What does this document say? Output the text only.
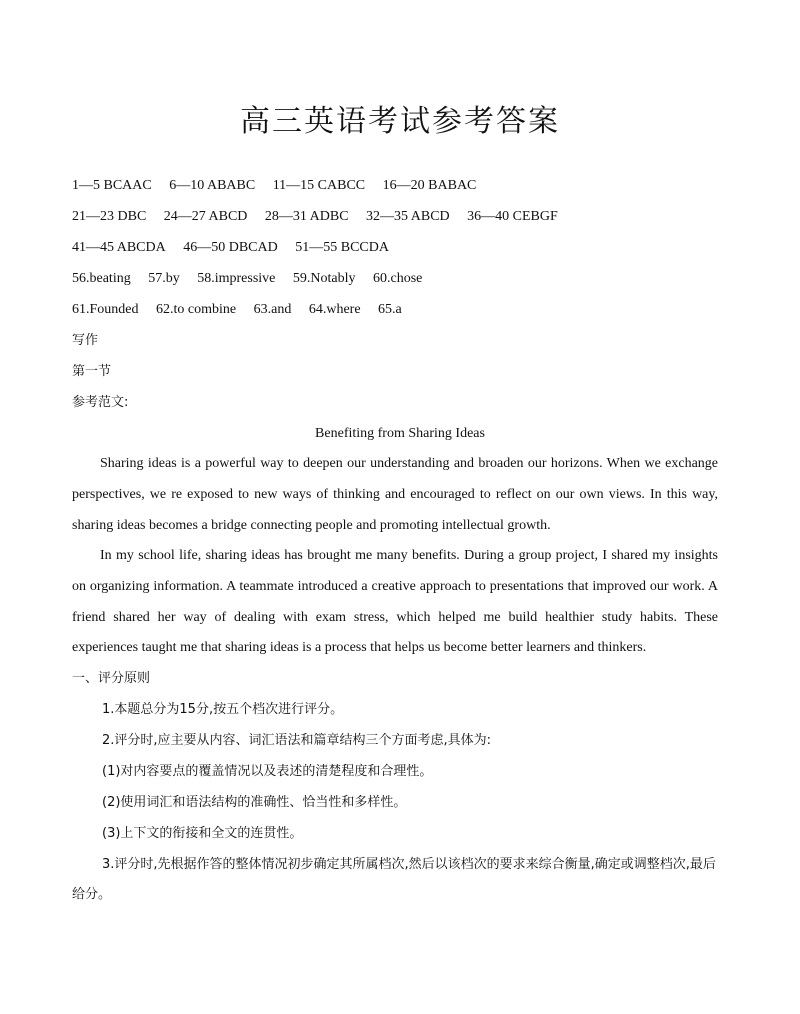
高三英语考试参考答案
1—5 BCAAC 6—10 ABABC 11—15 CABCC 16—20 BABAC
21—23 DBC 24—27 ABCD 28—31 ADBC 32—35 ABCD 36—40 CEBGF
41—45 ABCDA 46—50 DBCAD 51—55 BCCDA
56.beating 57.by 58.impressive 59.Notably 60.chose
61.Founded 62.to combine 63.and 64.where 65.a
写作
第一节
参考范文:
Benefiting from Sharing Ideas

Sharing ideas is a powerful way to deepen our understanding and broaden our horizons. When we exchange perspectives, we re exposed to new ways of thinking and encouraged to reflect on our own views. In this way, sharing ideas becomes a bridge connecting people and promoting intellectual growth.

In my school life, sharing ideas has brought me many benefits. During a group project, I shared my insights on organizing information. A teammate introduced a creative approach to presentations that improved our work. A friend shared her way of dealing with exam stress, which helped me build healthier study habits. These experiences taught me that sharing ideas is a process that helps us become better learners and thinkers.

一、评分原则
1.本题总分为15分,按五个档次进行评分。
2.评分时,应主要从内容、词汇语法和篇章结构三个方面考虑,具体为:
(1)对内容要点的覆盖情况以及表述的清楚程度和合理性。
(2)使用词汇和语法结构的准确性、恰当性和多样性。
(3)上下文的衔接和全文的连贯性。
3.评分时,先根据作答的整体情况初步确定其所属档次,然后以该档次的要求来综合衡量,确定或调整档次,最后给分。
